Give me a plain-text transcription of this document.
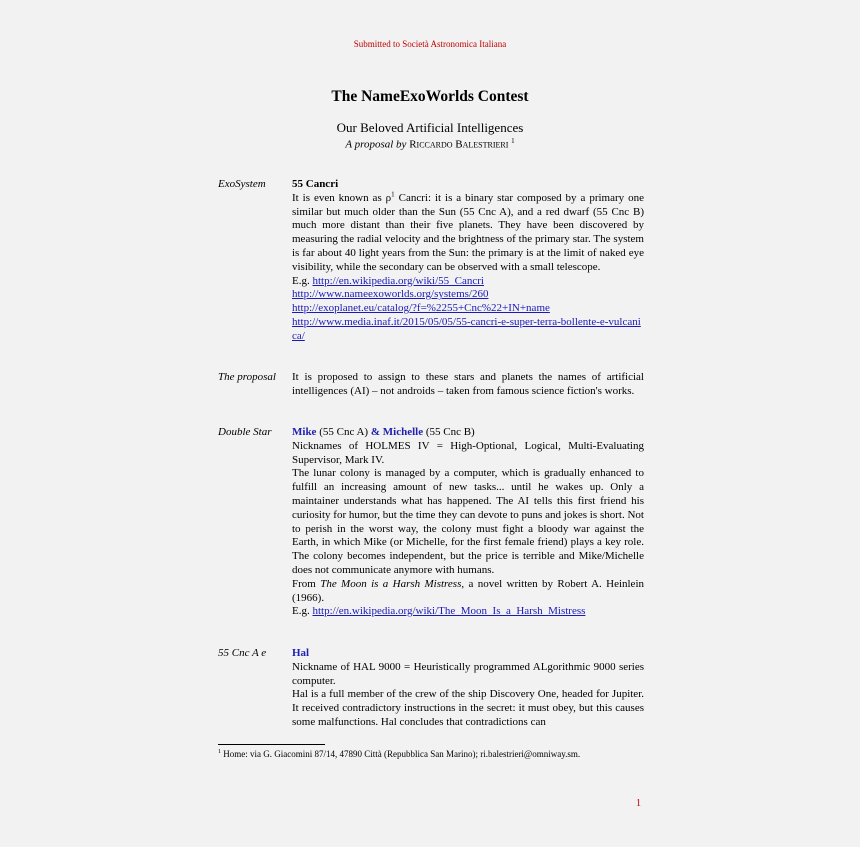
Submitted to Società Astronomica Italiana
The NameExoWorlds Contest
Our Beloved Artificial Intelligences
A proposal by Riccardo Balestrieri $^1$
ExoSystem	55 Cancri

It is even known as $\rho^1$ Cancri: it is a binary star composed by a primary one similar but much older than the Sun (55 Cnc A), and a red dwarf (55 Cnc B) much more distant than their five planets. They have been discovered by measuring the radial velocity and the brightness of the primary star. The system is far about 40 light years from the Sun: the primary is at the limit of naked eye visibility, while the secondary can be observed with a small telescope.

E.g. http://en.wikipedia.org/wiki/55_Cancri
http://www.nameexoworlds.org/systems/260
http://exoplanet.eu/catalog/?f=%2255+Cnc%22+IN+name
http://www.media.inaf.it/2015/05/05/55-cancri-e-super-terra-bollente-e-vulcanica/

The proposal	It is proposed to assign to these stars and planets the names of artificial intelligences (AI) – not androids – taken from famous science fiction's works.

Double Star	Mike (55 Cnc A) & Michelle (55 Cnc B)

Nicknames of HOLMES IV = High-Optional, Logical, Multi-Evaluating Supervisor, Mark IV.

The lunar colony is managed by a computer, which is gradually enhanced to fulfill an increasing amount of new tasks... until he wakes up. Only a maintainer understands what has happened. The AI tells this first friend his curiosity for humor, but the time they can devote to puns and jokes is short. Not to perish in the worst way, the colony must fight a bloody war against the Earth, in which Mike (or Michelle, for the first female friend) plays a key role. The colony becomes independent, but the price is terrible and Mike/Michelle does not communicate anymore with humans.

From The Moon is a Harsh Mistress, a novel written by Robert A. Heinlein (1966).

E.g. http://en.wikipedia.org/wiki/The_Moon_Is_a_Harsh_Mistress

55 Cnc A e	Hal

Nickname of HAL 9000 = Heuristically programmed ALgorithmic 9000 series computer.

Hal is a full member of the crew of the ship Discovery One, headed for Jupiter. It received contradictory instructions in the secret: it must obey, but this causes some malfunctions. Hal concludes that contradictions can

$^1$ Home: via G. Giacomini 87/14, 47890 Città (Repubblica San Marino); ri.balestrieri@omniway.sm.
1
